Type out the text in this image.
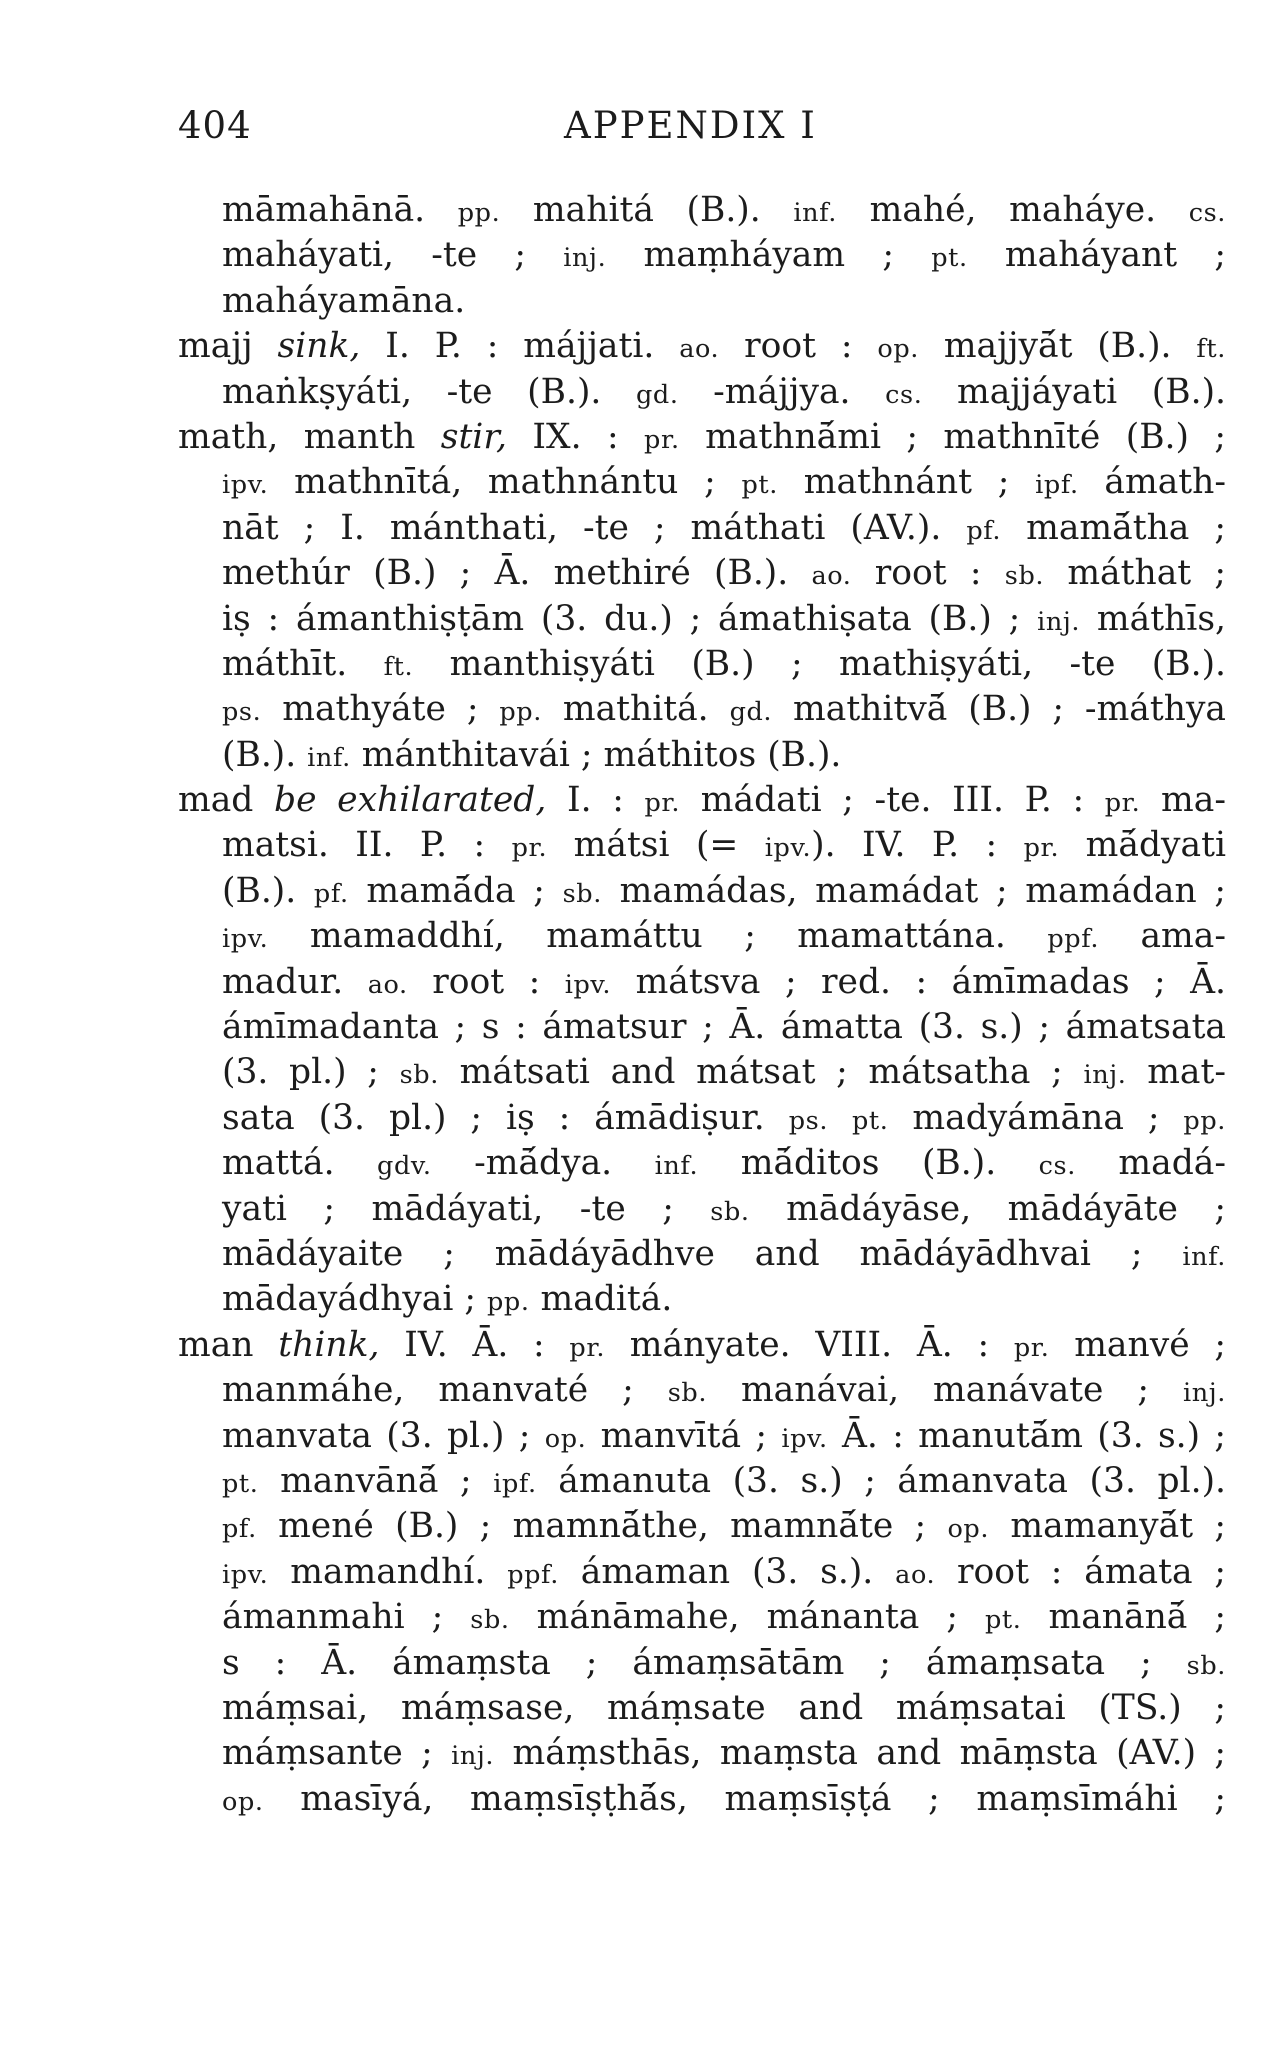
404	APPENDIX I
māmahānā. pp. mahitá (B.). inf. mahé, maháye. cs.
maháyati, -te ; inj. maṃháyam ; pt. maháyant ;
maháyamāna.
majj sink, I. P. : májjati. ao. root : op. majjyā́t (B.). ft.
maṅkṣyáti, -te (B.). gd. -májjya. cs. majjáyati (B.).
math, manth stir, IX. : pr. mathnā́mi ; mathnīté (B.) ;
ipv. mathnītá, mathnántu ; pt. mathnánt ; ipf. ámath-
nāt ; I. mánthati, -te ; máthati (AV.). pf. mamā́tha ;
methúr (B.) ; Ā. methiré (B.). ao. root : sb. máthat ;
iṣ : ámanthiṣṭām (3. du.) ; ámathiṣata (B.) ; inj. máthīs,
máthīt. ft. manthiṣyáti (B.) ; mathiṣyáti, -te (B.).
ps. mathyáte ; pp. mathitá. gd. mathitvā́ (B.) ; -máthya
(B.). inf. mánthitavái ; máthitos (B.).
mad be exhilarated, I. : pr. mádati ; -te. III. P. : pr. ma-
matsi. II. P. : pr. mátsi (= ipv.). IV. P. : pr. mā́dyati
(B.). pf. mamā́da ; sb. mamádas, mamádat ; mamádan ;
ipv. mamaddhí, mamáttu ; mamattána. ppf. ama-
madur. ao. root : ipv. mátsva ; red. : ámīmadas ; Ā.
ámīmadanta ; s : ámatsur ; Ā. ámatta (3. s.) ; ámatsata
(3. pl.) ; sb. mátsati and mátsat ; mátsatha ; inj. mat-
sata (3. pl.) ; iṣ : ámādiṣur. ps. pt. madyámāna ; pp.
mattá. gdv. -mā́dya. inf. mā́ditos (B.). cs. madá-
yati ; mādáyati, -te ; sb. mādáyāse, mādáyāte ;
mādáyaite ; mādáyādhve and mādáyādhvai ; inf.
mādayádhyai ; pp. maditá.
man think, IV. Ā. : pr. mányate. VIII. Ā. : pr. manvé ;
manmáhe, manvaté ; sb. manávai, manávate ; inj.
manvata (3. pl.) ; op. manvītá ; ipv. Ā. : manutā́m (3. s.) ;
pt. manvānā́ ; ipf. ámanuta (3. s.) ; ámanvata (3. pl.).
pf. mené (B.) ; mamnā́the, mamnā́te ; op. mamanyā́t ;
ipv. mamandhí. ppf. ámaman (3. s.). ao. root : ámata ;
ámanmahi ; sb. mánāmahe, mánanta ; pt. manānā́ ;
s : Ā. ámaṃsta ; ámaṃsātām ; ámaṃsata ; sb.
máṃsai, máṃsase, máṃsate and máṃsatai (TS.) ;
máṃsante ; inj. máṃsthās, maṃsta and māṃsta (AV.) ;
op. masīyá, maṃsīṣṭhā́s, maṃsīṣṭá ; maṃsīmáhi ;
